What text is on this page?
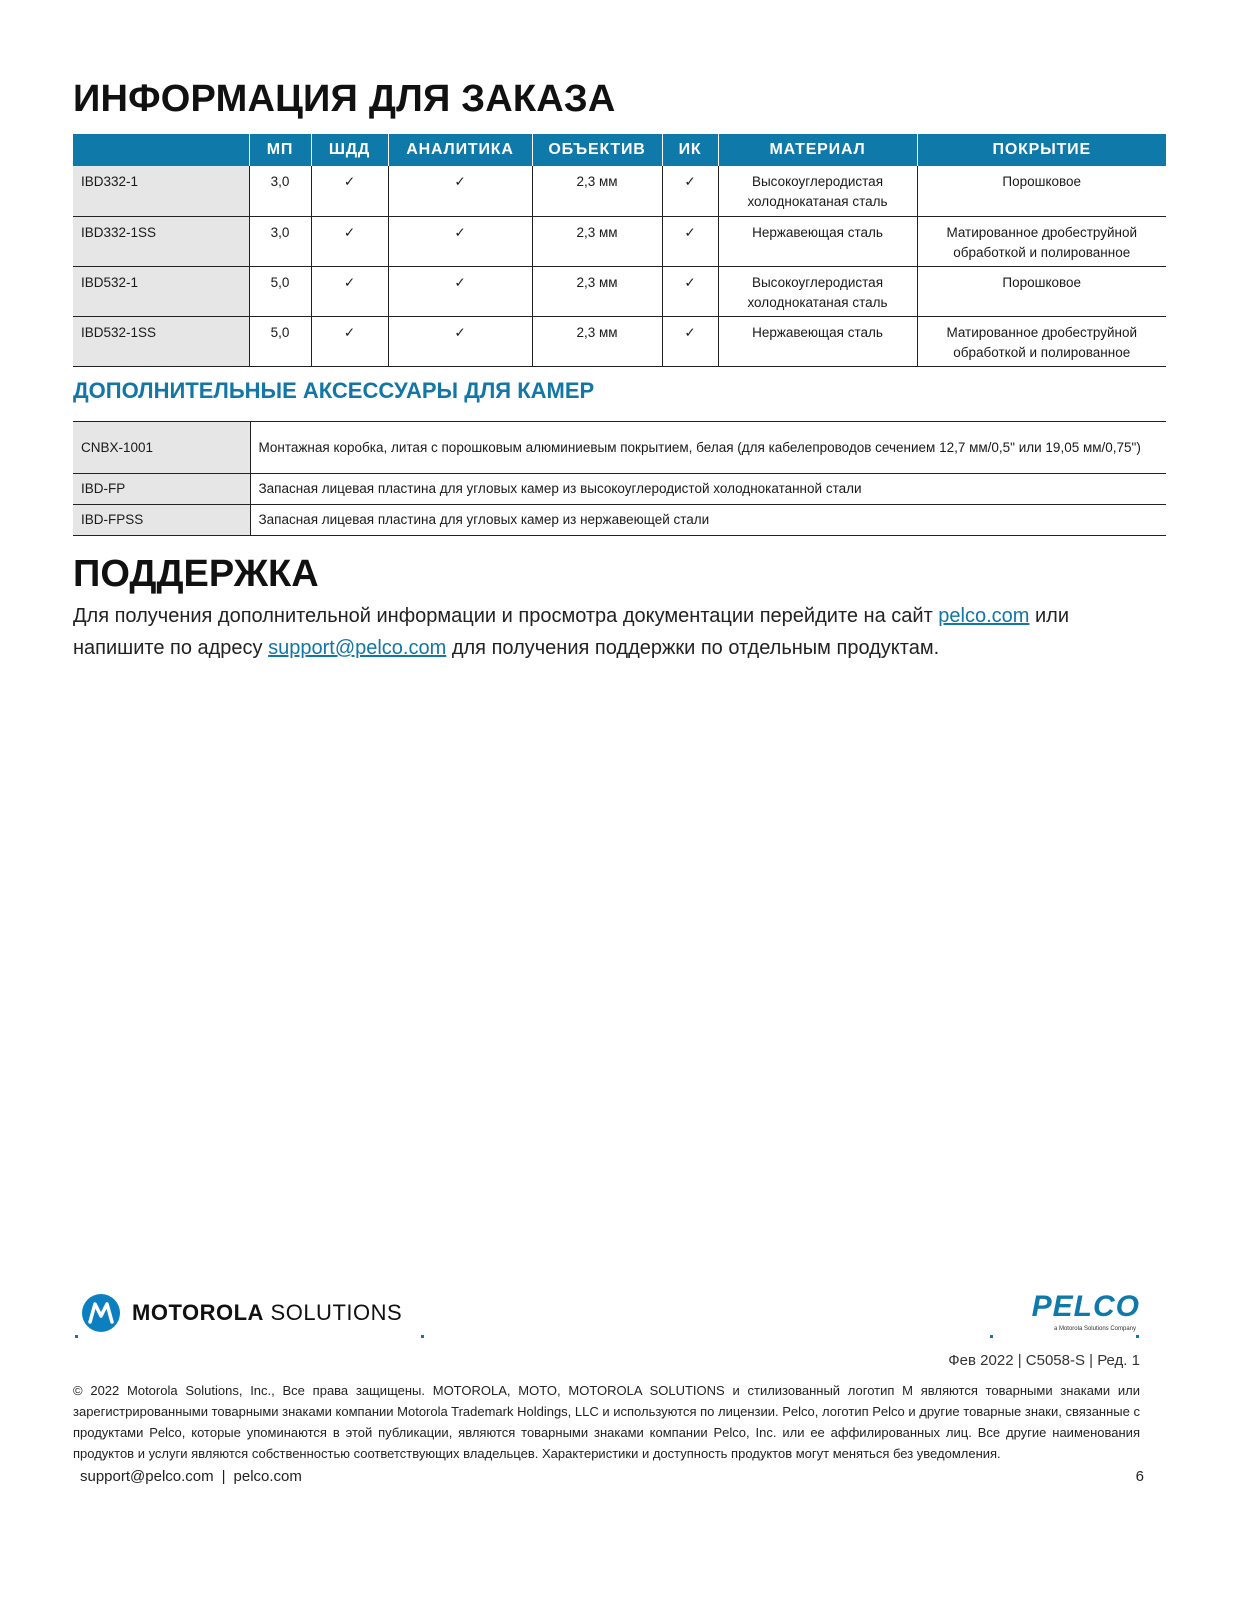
ИНФОРМАЦИЯ ДЛЯ ЗАКАЗА
	МП	ШДД	АНАЛИТИКА	ОБЪЕКТИВ	ИК	МАТЕРИАЛ	ПОКРЫТИЕ
IBD332-1	3,0	✓	✓	2,3 мм	✓	Высокоуглеродистая холоднокатаная сталь	Порошковое
IBD332-1SS	3,0	✓	✓	2,3 мм	✓	Нержавеющая сталь	Матированное дробеструйной обработкой и полированное
IBD532-1	5,0	✓	✓	2,3 мм	✓	Высокоуглеродистая холоднокатаная сталь	Порошковое
IBD532-1SS	5,0	✓	✓	2,3 мм	✓	Нержавеющая сталь	Матированное дробеструйной обработкой и полированное
ДОПОЛНИТЕЛЬНЫЕ АКСЕССУАРЫ ДЛЯ КАМЕР
CNBX-1001	Монтажная коробка, литая с порошковым алюминиевым покрытием, белая (для кабелепроводов сечением 12,7 мм/0,5" или 19,05 мм/0,75")
IBD-FP	Запасная лицевая пластина для угловых камер из высокоуглеродистой холоднокатанной стали
IBD-FPSS	Запасная лицевая пластина для угловых камер из нержавеющей стали
ПОДДЕРЖКА

Для получения дополнительной информации и просмотра документации перейдите на сайт pelco.com или напишите по адресу support@pelco.com для получения поддержки по отдельным продуктам.

MOTOROLA SOLUTIONS	PELCO
a Motorola Solutions Company
Фев 2022 | C5058-S | Ред. 1

© 2022 Motorola Solutions, Inc., Все права защищены. MOTOROLA, MOTO, MOTOROLA SOLUTIONS и стилизованный логотип M являются товарными знаками или зарегистрированными товарными знаками компании Motorola Trademark Holdings, LLC и используются по лицензии. Pelco, логотип Pelco и другие товарные знаки, связанные с продуктами Pelco, которые упоминаются в этой публикации, являются товарными знаками компании Pelco, Inc. или ее аффилированных лиц. Все другие наименования продуктов и услуги являются собственностью соответствующих владельцев. Характеристики и доступность продуктов могут меняться без уведомления.

support@pelco.com | pelco.com	6
